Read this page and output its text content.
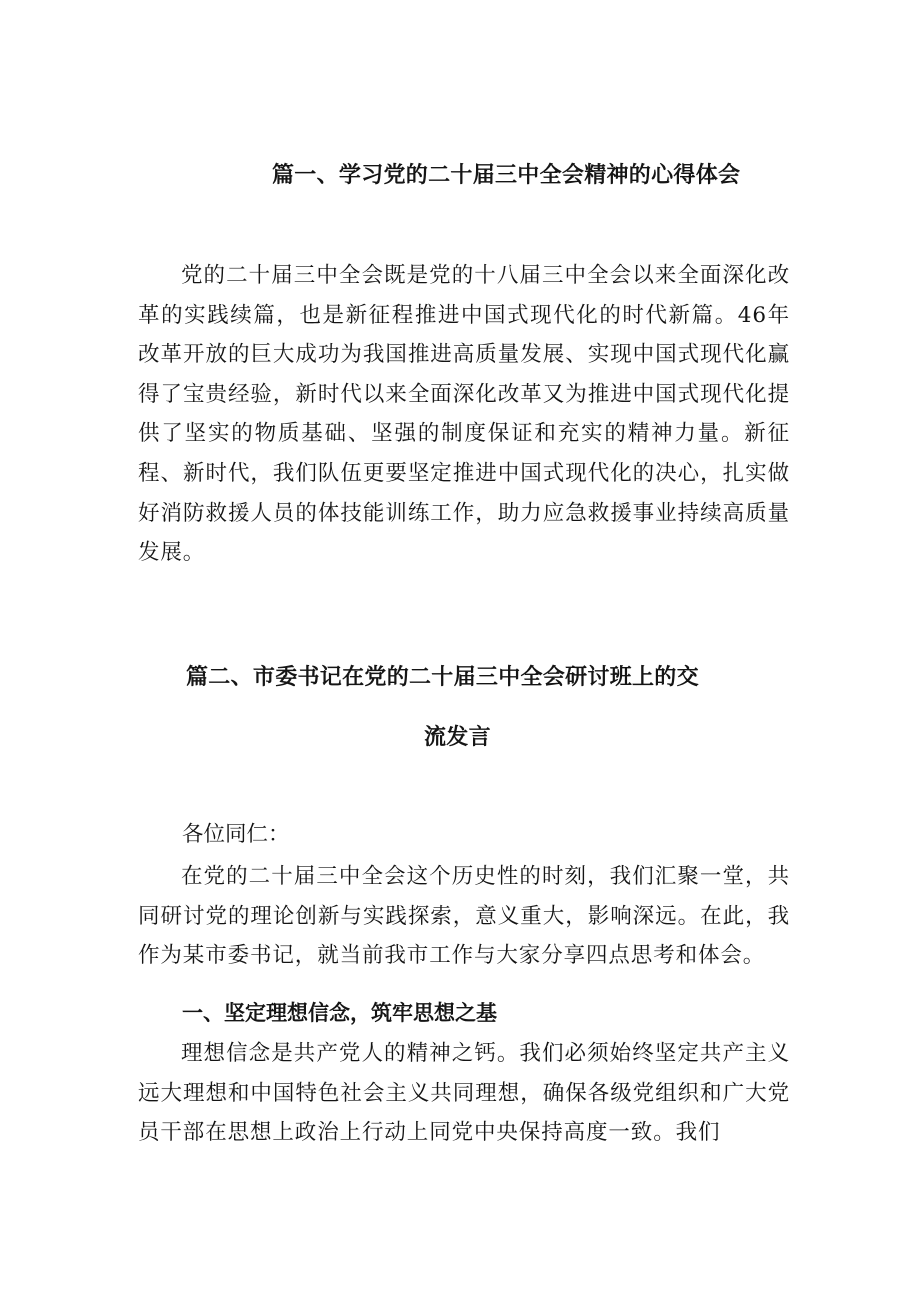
篇一、学习党的二十届三中全会精神的心得体会

党的二十届三中全会既是党的十八届三中全会以来全面深化改革的实践续篇，也是新征程推进中国式现代化的时代新篇。46年改革开放的巨大成功为我国推进高质量发展、实现中国式现代化赢得了宝贵经验，新时代以来全面深化改革又为推进中国式现代化提供了坚实的物质基础、坚强的制度保证和充实的精神力量。新征程、新时代，我们队伍更要坚定推进中国式现代化的决心，扎实做好消防救援人员的体技能训练工作，助力应急救援事业持续高质量发展。

篇二、市委书记在党的二十届三中全会研讨班上的交
流发言
各位同仁：

在党的二十届三中全会这个历史性的时刻，我们汇聚一堂，共同研讨党的理论创新与实践探索，意义重大，影响深远。在此，我作为某市委书记，就当前我市工作与大家分享四点思考和体会。

一、坚定理想信念，筑牢思想之基

理想信念是共产党人的精神之钙。我们必须始终坚定共产主义远大理想和中国特色社会主义共同理想，确保各级党组织和广大党员干部在思想上政治上行动上同党中央保持高度一致。我们
